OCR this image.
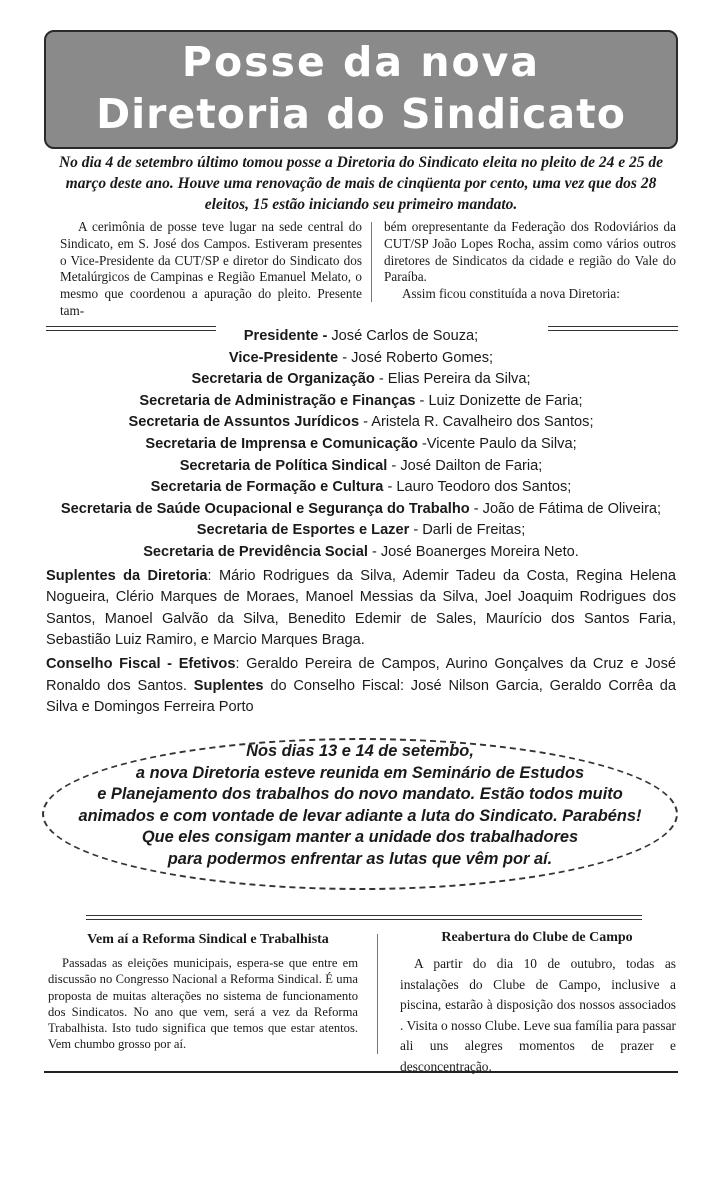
Posse da nova
Diretoria do Sindicato
No dia 4 de setembro último tomou posse a Diretoria do Sindicato eleita no pleito de 24 e 25 de março deste ano. Houve uma renovação de mais de cinqüenta por cento, uma vez que dos 28 eleitos, 15 estão iniciando seu primeiro mandato.

A cerimônia de posse teve lugar na sede central do Sindicato, em S. José dos Campos. Estiveram presentes o Vice-Presidente da CUT/SP e diretor do Sindicato dos Metalúrgicos de Campinas e Região Emanuel Melato, o mesmo que coordenou a apuração do pleito. Presente tam-

bém orepresentante da Federação dos Rodoviários da CUT/SP João Lopes Rocha, assim como vários outros diretores de Sindicatos da cidade e região do Vale do Paraíba.

Assim ficou constituída a nova Diretoria:

Presidente - José Carlos de Souza;
Vice-Presidente - José Roberto Gomes;
Secretaria de Organização - Elias Pereira da Silva;
Secretaria de Administração e Finanças - Luiz Donizette de Faria;
Secretaria de Assuntos Jurídicos - Aristela R. Cavalheiro dos Santos;
Secretaria de Imprensa e Comunicação -Vicente Paulo da Silva;
Secretaria de Política Sindical - José Dailton de Faria;
Secretaria de Formação e Cultura - Lauro Teodoro dos Santos;
Secretaria de Saúde Ocupacional e Segurança do Trabalho - João de Fátima de Oliveira;
Secretaria de Esportes e Lazer - Darli de Freitas;
Secretaria de Previdência Social - José Boanerges Moreira Neto.
Suplentes da Diretoria: Mário Rodrigues da Silva, Ademir Tadeu da Costa, Regina Helena Nogueira, Clério Marques de Moraes, Manoel Messias da Silva, Joel Joaquim Rodrigues dos Santos, Manoel Galvão da Silva, Benedito Edemir de Sales, Maurício dos Santos Faria, Sebastião Luiz Ramiro, e Marcio Marques Braga.
Conselho Fiscal - Efetivos: Geraldo Pereira de Campos, Aurino Gonçalves da Cruz e José Ronaldo dos Santos. Suplentes do Conselho Fiscal: José Nilson Garcia, Geraldo Corrêa da Silva e Domingos Ferreira Porto
Nos dias 13 e 14 de setembo,
a nova Diretoria esteve reunida em Seminário de Estudos
e Planejamento dos trabalhos do novo mandato. Estão todos muito
animados e com vontade de levar adiante a luta do Sindicato. Parabéns!
Que eles consigam manter a unidade dos trabalhadores
para podermos enfrentar as lutas que vêm por aí.
Vem aí a Reforma Sindical e Trabalhista

Passadas as eleições municipais, espera-se que entre em discussão no Congresso Nacional a Reforma Sindical. É uma proposta de muitas alterações no sistema de funcionamento dos Sindicatos. No ano que vem, será a vez da Reforma Trabalhista. Isto tudo significa que temos que estar atentos. Vem chumbo grosso por aí.

Reabertura do Clube de Campo

A partir do dia 10 de outubro, todas as instalações do Clube de Campo, inclusive a piscina, estarão à disposição dos nossos associados . Visita o nosso Clube. Leve sua família para passar ali uns alegres momentos de prazer e desconcentração.
